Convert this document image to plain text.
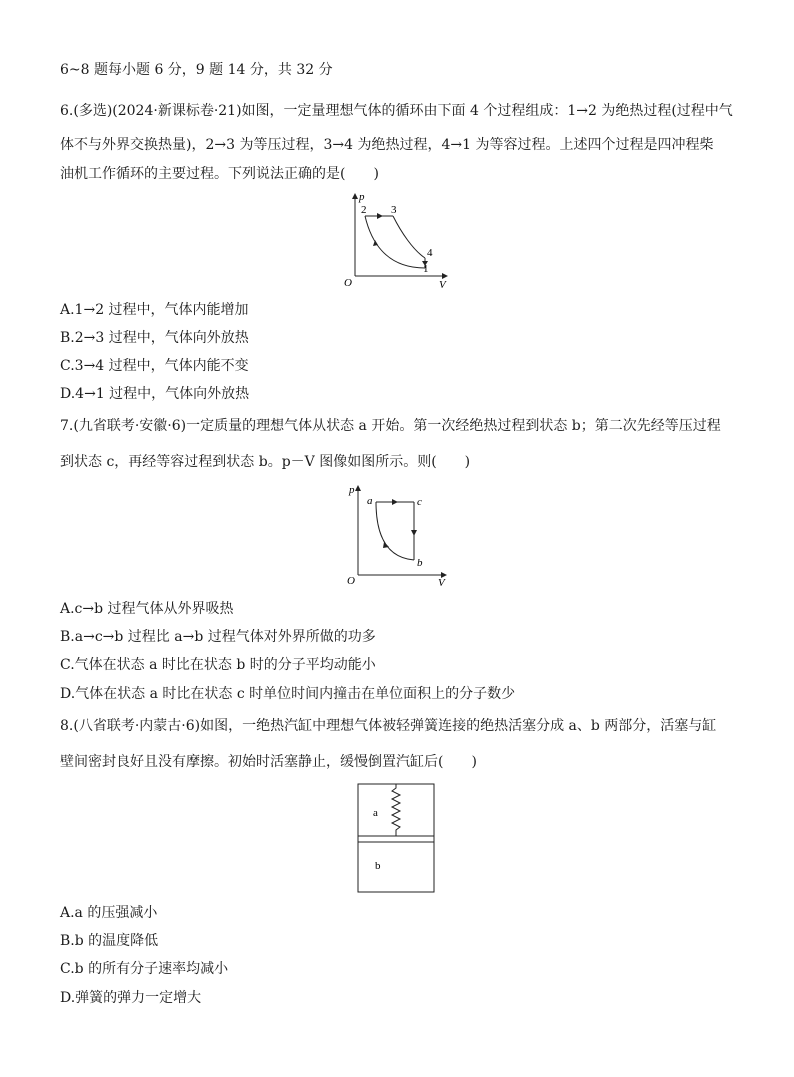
6~8 题每小题 6 分，9 题 14 分，共 32 分
6.(多选)(2024·新课标卷·21)如图，一定量理想气体的循环由下面 4 个过程组成：1→2 为绝热过程(过程中气
体不与外界交换热量)，2→3 为等压过程，3→4 为绝热过程，4→1 为等容过程。上述四个过程是四冲程柴
油机工作循环的主要过程。下列说法正确的是(　　)
p
V
O
2 3
4
1
A.1→2 过程中，气体内能增加
B.2→3 过程中，气体向外放热
C.3→4 过程中，气体内能不变
D.4→1 过程中，气体向外放热
7.(九省联考·安徽·6)一定质量的理想气体从状态 a 开始。第一次经绝热过程到状态 b；第二次先经等压过程
到状态 c，再经等容过程到状态 b。p－V 图像如图所示。则(　　)
p
V
O
a	c
b
A.c→b 过程气体从外界吸热
B.a→c→b 过程比 a→b 过程气体对外界所做的功多
C.气体在状态 a 时比在状态 b 时的分子平均动能小
D.气体在状态 a 时比在状态 c 时单位时间内撞击在单位面积上的分子数少
8.(八省联考·内蒙古·6)如图，一绝热汽缸中理想气体被轻弹簧连接的绝热活塞分成 a、b 两部分，活塞与缸
壁间密封良好且没有摩擦。初始时活塞静止，缓慢倒置汽缸后(　　)
a
b
A.a 的压强减小
B.b 的温度降低
C.b 的所有分子速率均减小
D.弹簧的弹力一定增大
